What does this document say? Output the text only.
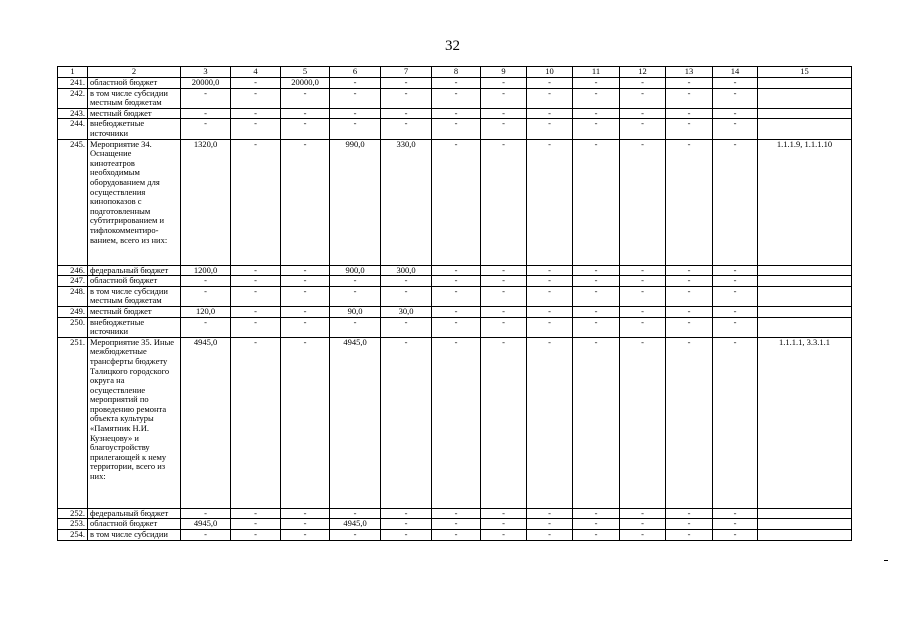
32
1	2	3	4	5	6	7	8	9	10	11	12	13	14	15
241.	областной бюджет	20000,0	-	20000,0	-	-	-	-	-	-	-	-	-	
242.	в том числе субсидии местным бюджетам	-	-	-	-	-	-	-	-	-	-	-	-	
243.	местный бюджет	-	-	-	-	-	-	-	-	-	-	-	-	
244.	внебюджетные источники	-	-	-	-	-	-	-	-	-	-	-	-	
245.	Мероприятие 34. Оснащение кинотеатров необходимым оборудованием для осуществления кинопоказов с подготовленным субтитрированием и тифлокомментиро-ванием, всего из них:	1320,0	-	-	990,0	330,0	-	-	-	-	-	-	-	1.1.1.9, 1.1.1.10
246.	федеральный бюджет	1200,0	-	-	900,0	300,0	-	-	-	-	-	-	-	
247.	областной бюджет	-	-	-	-	-	-	-	-	-	-	-	-	
248.	в том числе субсидии местным бюджетам	-	-	-	-	-	-	-	-	-	-	-	-	
249.	местный бюджет	120,0	-	-	90,0	30,0	-	-	-	-	-	-	-	
250.	внебюджетные источники	-	-	-	-	-	-	-	-	-	-	-	-	
251.	Мероприятие 35. Иные межбюджетные трансферты бюджету Талицкого городского округа на осуществление мероприятий по проведению ремонта объекта культуры «Памятник Н.И. Кузнецову» и благоустройству прилегающей к нему территории, всего из них:	4945,0	-	-	4945,0	-	-	-	-	-	-	-	-	1.1.1.1, 3.3.1.1
252.	федеральный бюджет	-	-	-	-	-	-	-	-	-	-	-	-	
253.	областной бюджет	4945,0	-	-	4945,0	-	-	-	-	-	-	-	-	
254.	в том числе субсидии	-	-	-	-	-	-	-	-	-	-	-	-	
